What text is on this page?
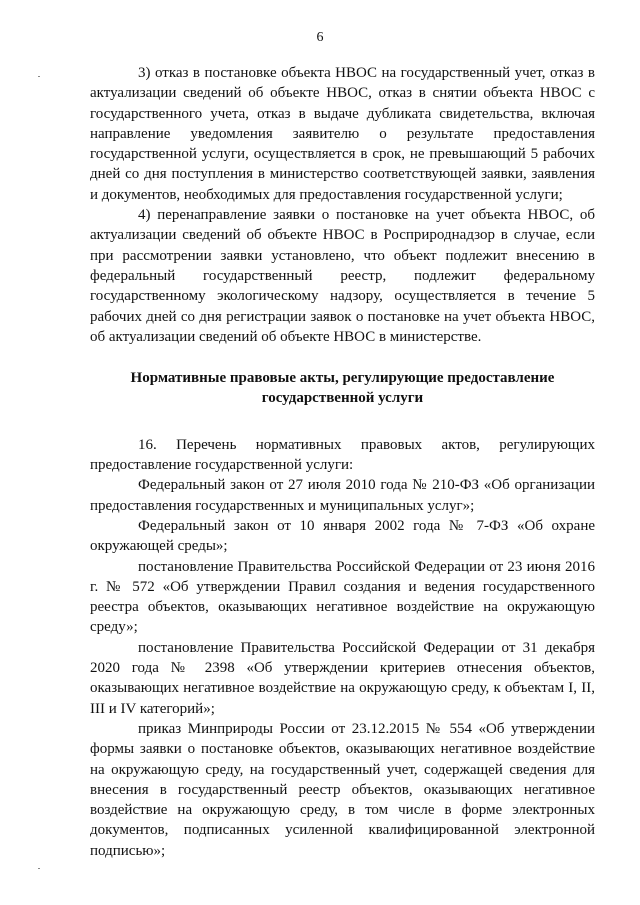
6

3) отказ в постановке объекта НВОС на государственный учет, отказ в актуализации сведений об объекте НВОС, отказ в снятии объекта НВОС с государственного учета, отказ в выдаче дубликата свидетельства, включая направление уведомления заявителю о результате предоставления государственной услуги, осуществляется в срок, не превышающий 5 рабочих дней со дня поступления в министерство соответствующей заявки, заявления и документов, необходимых для предоставления государственной услуги;

4) перенаправление заявки о постановке на учет объекта НВОС, об актуализации сведений об объекте НВОС в Росприроднадзор в случае, если при рассмотрении заявки установлено, что объект подлежит внесению в федеральный государственный реестр, подлежит федеральному государственному экологическому надзору, осуществляется в течение 5 рабочих дней со дня регистрации заявок о постановке на учет объекта НВОС, об актуализации сведений об объекте НВОС в министерстве.

Нормативные правовые акты, регулирующие предоставление
государственной услуги

16. Перечень нормативных правовых актов, регулирующих предоставление государственной услуги:

Федеральный закон от 27 июля 2010 года № 210-ФЗ «Об организации предоставления государственных и муниципальных услуг»;

Федеральный закон от 10 января 2002 года № 7-ФЗ «Об охране окружающей среды»;

постановление Правительства Российской Федерации от 23 июня 2016 г. № 572 «Об утверждении Правил создания и ведения государственного реестра объектов, оказывающих негативное воздействие на окружающую среду»;

постановление Правительства Российской Федерации от 31 декабря 2020 года № 2398 «Об утверждении критериев отнесения объектов, оказывающих негативное воздействие на окружающую среду, к объектам I, II, III и IV категорий»;

приказ Минприроды России от 23.12.2015 № 554 «Об утверждении формы заявки о постановке объектов, оказывающих негативное воздействие на окружающую среду, на государственный учет, содержащей сведения для внесения в государственный реестр объектов, оказывающих негативное воздействие на окружающую среду, в том числе в форме электронных документов, подписанных усиленной квалифицированной электронной подписью»;
